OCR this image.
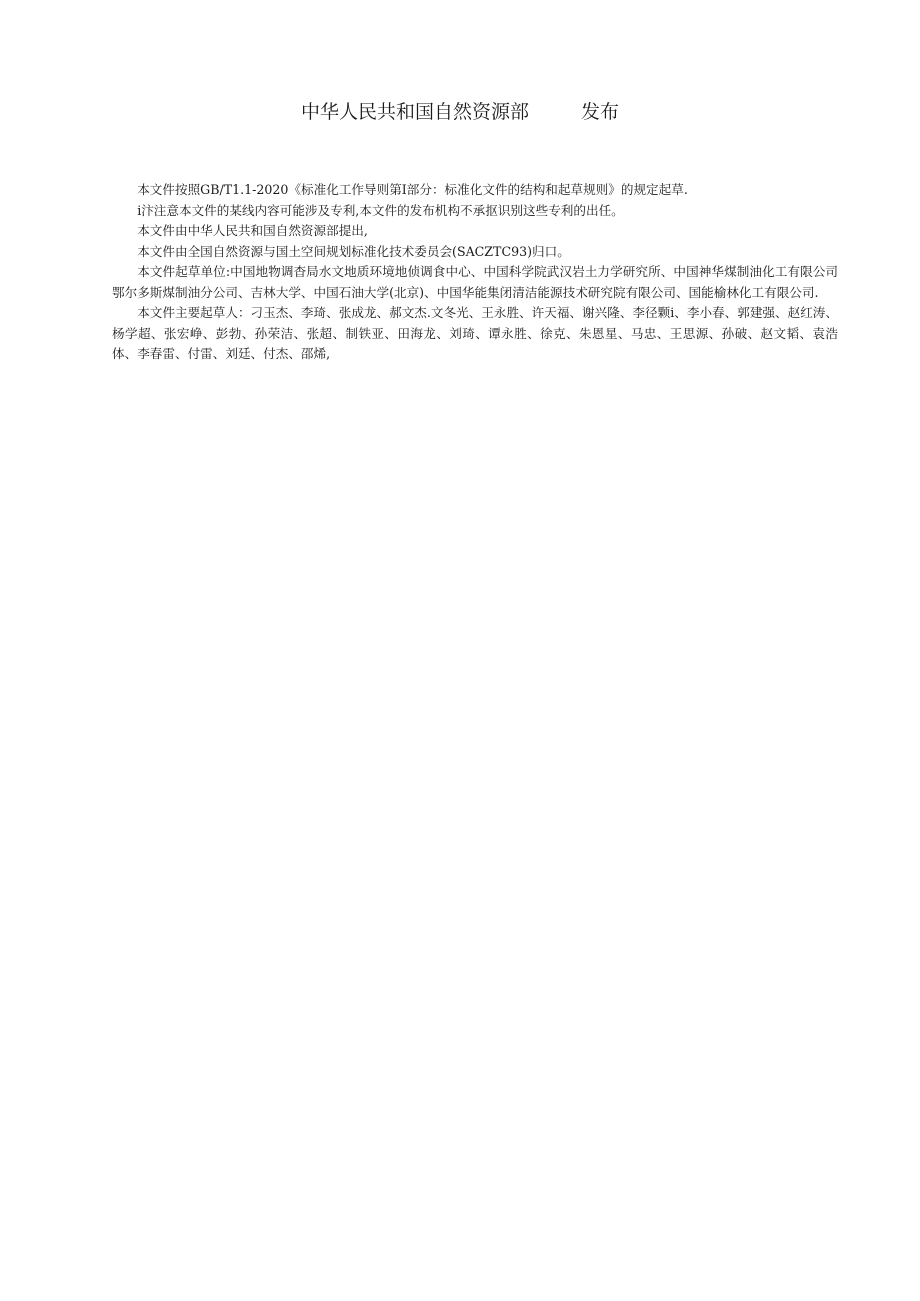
中华人民共和国自然资源部	发布

本文件按照GB/T1.1-2020《标准化工作导则第I部分：标准化文件的结构和起草规则》的规定起草.

i汴注意本文件的某线内容可能涉及专利,本文件的发布机构不承抠识别这些专利的出任。

本文件由中华人民共和国自然资源部提出,

本文件由全国自然资源与国土空间规划标准化技术委员会(SACZTC93)归口。

本文件起草单位:中国地物调杳局水文地质环境地侦调食中心、中国科学院武汉岩土力学研究所、中国神华煤制油化工有限公司鄂尔多斯煤制油分公司、吉林大学、中国石油大学(北京)、中国华能集闭清洁能源技术研究院有限公司、国能榆林化工有限公司.

本文件主要起草人：刁玉杰、李琦、张成龙、郝文杰.文冬光、王永胜、许天福、谢兴隆、李径颗i、李小春、郭建强、赵红涛、杨学超、张宏峥、彭勃、孙荣洁、张超、制铁亚、田海龙、刘琦、谭永胜、徐克、朱恩星、马忠、王思源、孙破、赵文韬、袁浩体、李春雷、付雷、刘廷、付杰、邵烯,
